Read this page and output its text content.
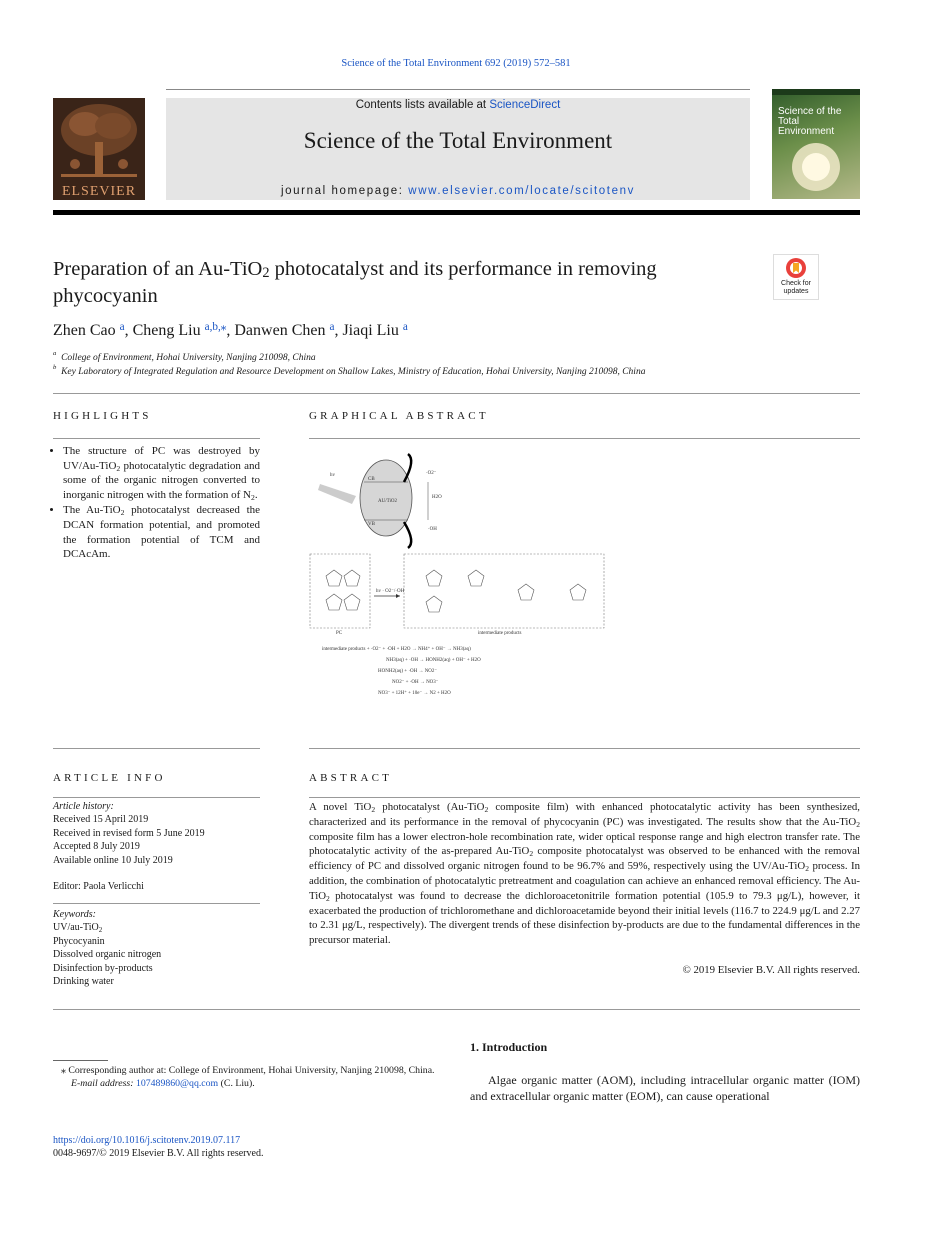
Science of the Total Environment 692 (2019) 572–581
Contents lists available at ScienceDirect
Science of the Total Environment
journal homepage: www.elsevier.com/locate/scitotenv
ELSEVIER
Science of the Total Environment
Preparation of an Au-TiO$_2$ photocatalyst and its performance in removing phycocyanin
Check for updates
Zhen Cao $^a$, Cheng Liu $^{a,b,⁎}$, Danwen Chen $^a$, Jiaqi Liu $^a$
$^a$ College of Environment, Hohai University, Nanjing 210098, China
$^b$ Key Laboratory of Integrated Regulation and Resource Development on Shallow Lakes, Ministry of Education, Hohai University, Nanjing 210098, China
HIGHLIGHTS
• The structure of PC was destroyed by UV/Au-TiO$_2$ photocatalytic degradation and some of the organic nitrogen converted to inorganic nitrogen with the formation of $N_2$.
• The Au-TiO$_2$ photocatalyst decreased the DCAN formation potential, and promoted the formation potential of TCM and DCAcAm.
GRAPHICAL ABSTRACT
hv
CB
VB
AU/TiO2
·O2⁻
H2O
·OH
hv · O2⁻/·OH
PC	intermediate products
intermediate products + ·O2⁻ + ·OH + H2O → NH4⁺ + OH⁻ → NH3(aq)
NH3(aq) + ·OH → HONH2(aq) + OH⁻ + H2O
HONH2(aq) + ·OH → NO2⁻
NO2⁻ + ·OH → NO3⁻
NO3⁻ + 12H⁺ + 10e⁻ → N2 + H2O
ARTICLE INFO
Article history:
Received 15 April 2019
Received in revised form 5 June 2019
Accepted 8 July 2019
Available online 10 July 2019
Editor: Paola Verlicchi
Keywords:
UV/au-TiO$_2$
Phycocyanin
Dissolved organic nitrogen
Disinfection by-products
Drinking water
ABSTRACT
A novel TiO$_2$ photocatalyst (Au-TiO$_2$ composite film) with enhanced photocatalytic activity has been synthesized, characterized and its performance in the removal of phycocyanin (PC) was investigated. The results show that the Au-TiO$_2$ composite film has a lower electron-hole recombination rate, wider optical response range and high electron transfer rate. The photocatalytic activity of the as-prepared Au-TiO$_2$ composite photocatalyst was observed to be enhanced with the removal efficiency of PC and dissolved organic nitrogen found to be 96.7% and 59%, respectively using the UV/Au-TiO$_2$ process. In addition, the combination of photocatalytic pretreatment and coagulation can achieve an enhanced removal efficiency. The Au-TiO$_2$ photocatalyst was found to decrease the dichloroacetonitrile formation potential (105.9 to 79.3 μg/L), however, it exacerbated the production of trichloromethane and dichloroacetamide beyond their initial levels (116.7 to 224.9 μg/L and 2.27 to 2.31 μg/L, respectively). The divergent trends of these disinfection by-products are due to the fundamental differences in the precursor material.
© 2019 Elsevier B.V. All rights reserved.
⁎ Corresponding author at: College of Environment, Hohai University, Nanjing 210098, China.
E-mail address: 107489860@qq.com (C. Liu).
1. Introduction
Algae organic matter (AOM), including intracellular organic matter (IOM) and extracellular organic matter (EOM), can cause operational
https://doi.org/10.1016/j.scitotenv.2019.07.117
0048-9697/© 2019 Elsevier B.V. All rights reserved.
